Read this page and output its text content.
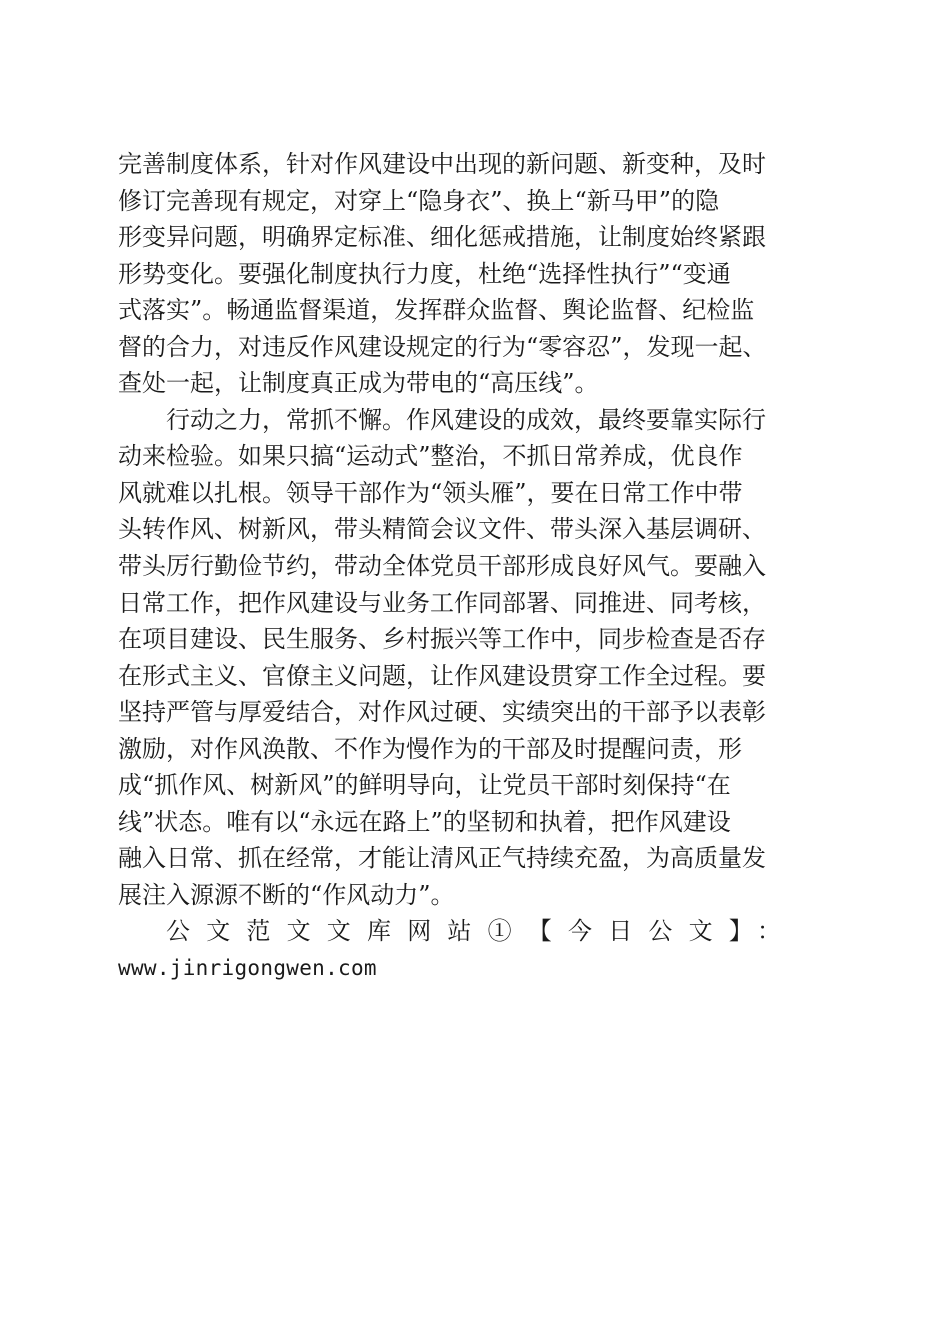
完善制度体系，针对作风建设中出现的新问题、新变种，及时
修订完善现有规定，对穿上“隐身衣”、换上“新马甲”的隐
形变异问题，明确界定标准、细化惩戒措施，让制度始终紧跟
形势变化。要强化制度执行力度，杜绝“选择性执行”“变通
式落实”。畅通监督渠道，发挥群众监督、舆论监督、纪检监
督的合力，对违反作风建设规定的行为“零容忍”，发现一起、
查处一起，让制度真正成为带电的“高压线”。
行动之力，常抓不懈。作风建设的成效，最终要靠实际行
动来检验。如果只搞“运动式”整治，不抓日常养成，优良作
风就难以扎根。领导干部作为“领头雁”，要在日常工作中带
头转作风、树新风，带头精简会议文件、带头深入基层调研、
带头厉行勤俭节约，带动全体党员干部形成良好风气。要融入
日常工作，把作风建设与业务工作同部署、同推进、同考核，
在项目建设、民生服务、乡村振兴等工作中，同步检查是否存
在形式主义、官僚主义问题，让作风建设贯穿工作全过程。要
坚持严管与厚爱结合，对作风过硬、实绩突出的干部予以表彰
激励，对作风涣散、不作为慢作为的干部及时提醒问责，形
成“抓作风、树新风”的鲜明导向，让党员干部时刻保持“在
线”状态。唯有以“永远在路上”的坚韧和执着，把作风建设
融入日常、抓在经常，才能让清风正气持续充盈，为高质量发
展注入源源不断的“作风动力”。
公文范文文库网站①【今日公文】：
www.jinrigongwen.com
